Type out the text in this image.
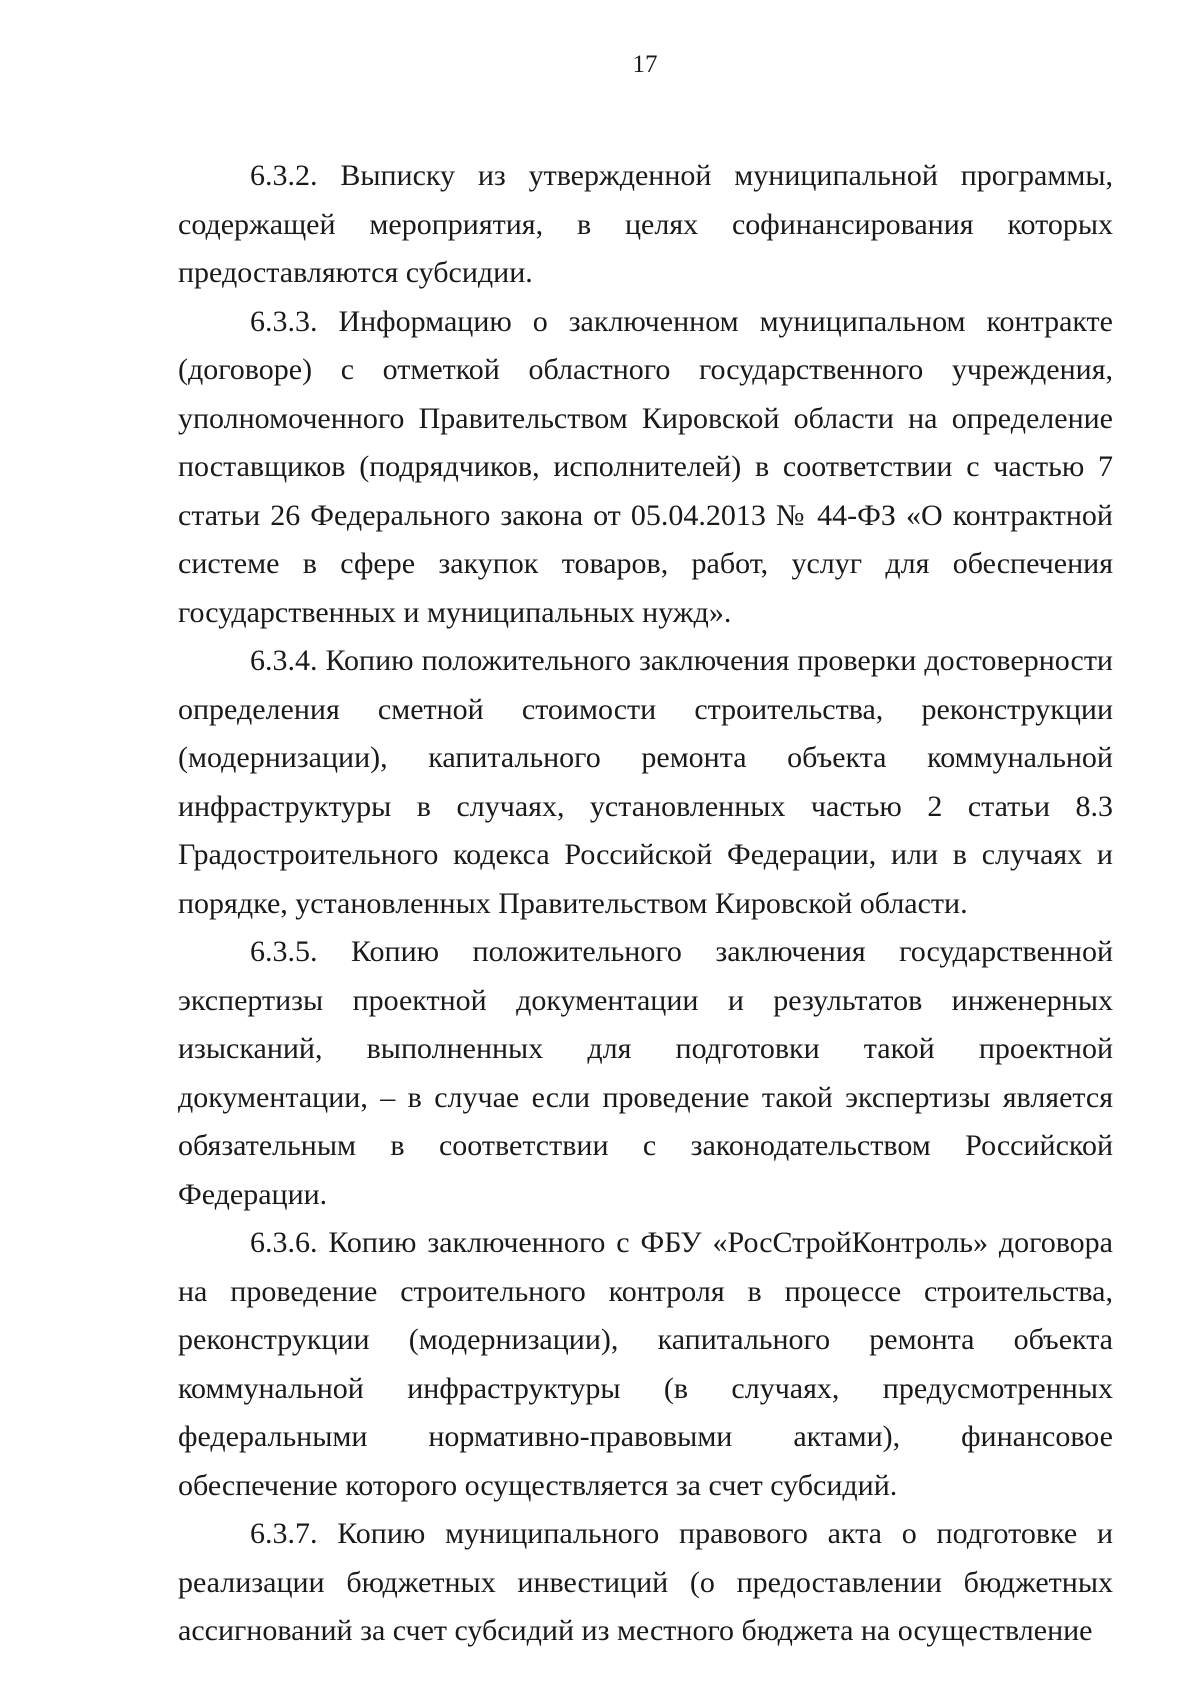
17

6.3.2. Выписку из утвержденной муниципальной программы, содержащей мероприятия, в целях софинансирования которых предоставляются субсидии.

6.3.3. Информацию о заключенном муниципальном контракте (договоре) с отметкой областного государственного учреждения, уполномоченного Правительством Кировской области на определение поставщиков (подрядчиков, исполнителей) в соответствии с частью 7 статьи 26 Федерального закона от 05.04.2013 № 44-ФЗ «О контрактной системе в сфере закупок товаров, работ, услуг для обеспечения государственных и муниципальных нужд».

6.3.4. Копию положительного заключения проверки достоверности определения сметной стоимости строительства, реконструкции (модернизации), капитального ремонта объекта коммунальной инфраструктуры в случаях, установленных частью 2 статьи 8.3 Градостроительного кодекса Российской Федерации, или в случаях и порядке, установленных Правительством Кировской области.

6.3.5. Копию положительного заключения государственной экспертизы проектной документации и результатов инженерных изысканий, выполненных для подготовки такой проектной документации, – в случае если проведение такой экспертизы является обязательным в соответствии с законодательством Российской Федерации.

6.3.6. Копию заключенного с ФБУ «РосСтройКонтроль» договора на проведение строительного контроля в процессе строительства, реконструкции (модернизации), капитального ремонта объекта коммунальной инфраструктуры (в случаях, предусмотренных федеральными нормативно-правовыми актами), финансовое обеспечение которого осуществляется за счет субсидий.

6.3.7. Копию муниципального правового акта о подготовке и реализации бюджетных инвестиций (о предоставлении бюджетных ассигнований за счет субсидий из местного бюджета на осуществление
